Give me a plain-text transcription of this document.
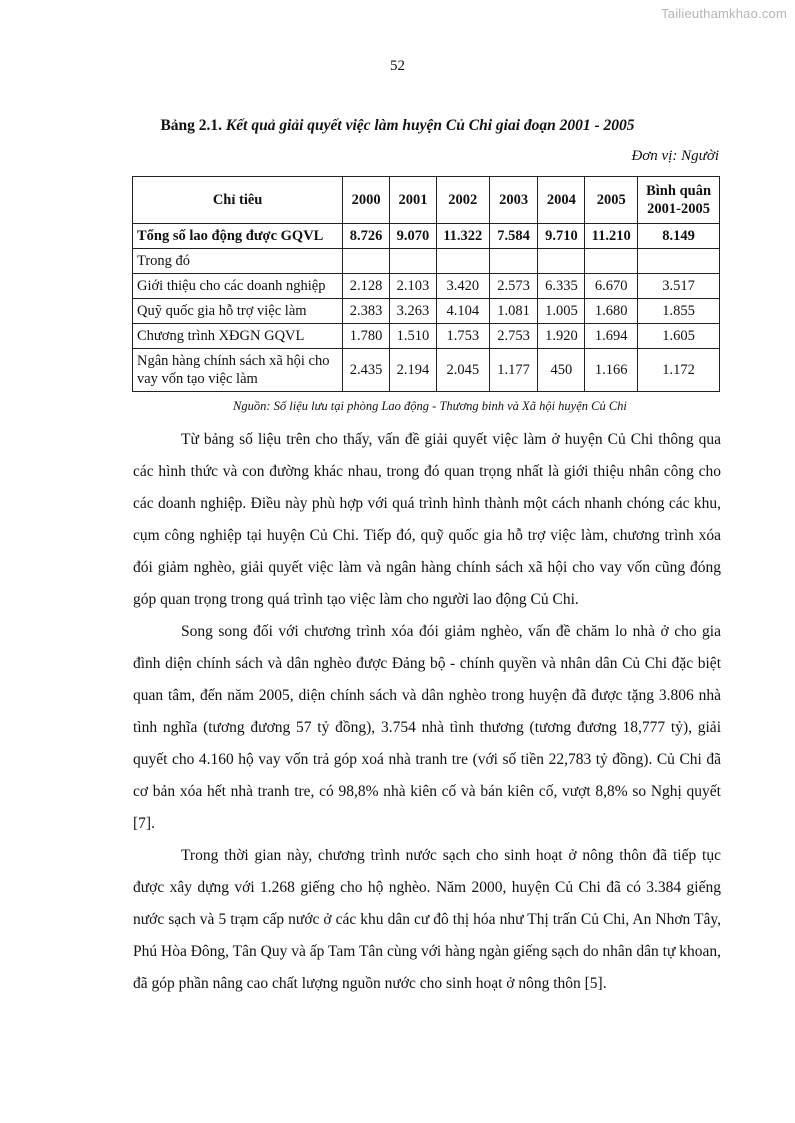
Tailieuthamkhao.com
52
Bảng 2.1. Kết quả giải quyết việc làm huyện Củ Chi giai đoạn 2001 - 2005
Đơn vị: Người
Chỉ tiêu	2000	2001	2002	2003	2004	2005	Bình quân 2001-2005
Tổng số lao động được GQVL	8.726	9.070	11.322	7.584	9.710	11.210	8.149
Trong đó							
Giới thiệu cho các doanh nghiệp	2.128	2.103	3.420	2.573	6.335	6.670	3.517
Quỹ quốc gia hỗ trợ việc làm	2.383	3.263	4.104	1.081	1.005	1.680	1.855
Chương trình XĐGN GQVL	1.780	1.510	1.753	2.753	1.920	1.694	1.605
Ngân hàng chính sách xã hội cho vay vốn tạo việc làm	2.435	2.194	2.045	1.177	450	1.166	1.172
Nguồn: Số liệu lưu tại phòng Lao động - Thương binh và Xã hội huyện Củ Chi

Từ bảng số liệu trên cho thấy, vấn đề giải quyết việc làm ở huyện Củ Chi thông qua các hình thức và con đường khác nhau, trong đó quan trọng nhất là giới thiệu nhân công cho các doanh nghiệp. Điều này phù hợp với quá trình hình thành một cách nhanh chóng các khu, cụm công nghiệp tại huyện Củ Chi. Tiếp đó, quỹ quốc gia hỗ trợ việc làm, chương trình xóa đói giảm nghèo, giải quyết việc làm và ngân hàng chính sách xã hội cho vay vốn cũng đóng góp quan trọng trong quá trình tạo việc làm cho người lao động Củ Chi.

Song song đối với chương trình xóa đói giảm nghèo, vấn đề chăm lo nhà ở cho gia đình diện chính sách và dân nghèo được Đảng bộ - chính quyền và nhân dân Củ Chi đặc biệt quan tâm, đến năm 2005, diện chính sách và dân nghèo trong huyện đã được tặng 3.806 nhà tình nghĩa (tương đương 57 tỷ đồng), 3.754 nhà tình thương (tương đương 18,777 tỷ), giải quyết cho 4.160 hộ vay vốn trả góp xoá nhà tranh tre (với số tiền 22,783 tỷ đồng). Củ Chi đã cơ bản xóa hết nhà tranh tre, có 98,8% nhà kiên cố và bán kiên cố, vượt 8,8% so Nghị quyết [7].

Trong thời gian này, chương trình nước sạch cho sinh hoạt ở nông thôn đã tiếp tục được xây dựng với 1.268 giếng cho hộ nghèo. Năm 2000, huyện Củ Chi đã có 3.384 giếng nước sạch và 5 trạm cấp nước ở các khu dân cư đô thị hóa như Thị trấn Củ Chi, An Nhơn Tây, Phú Hòa Đông, Tân Quy và ấp Tam Tân cùng với hàng ngàn giếng sạch do nhân dân tự khoan, đã góp phần nâng cao chất lượng nguồn nước cho sinh hoạt ở nông thôn [5].
